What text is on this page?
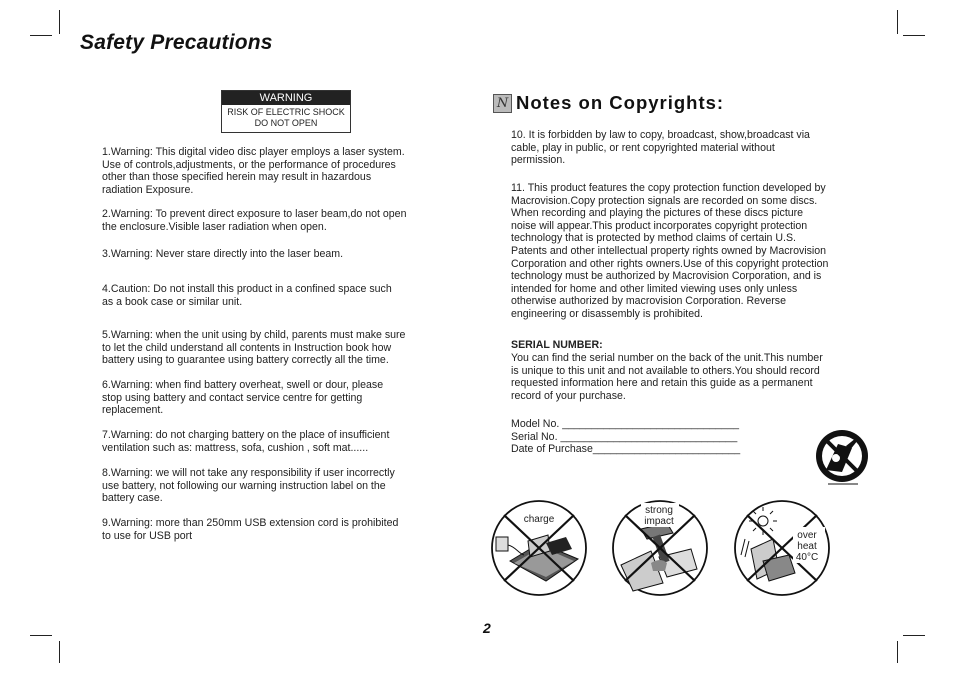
Safety Precautions
WARNING
RISK OF ELECTRIC SHOCK
DO NOT OPEN
1.Warning: This digital video disc player employs a laser system.
Use of controls,adjustments, or the performance of procedures
other than those specified herein may result in hazardous
radiation Exposure.
2.Warning: To prevent direct exposure to laser beam,do not open
the enclosure.Visible laser radiation when open.
3.Warning: Never stare directly into the laser beam.
4.Caution: Do not install this product in a confined space such
as a book case or similar unit.
5.Warning: when the unit using by child, parents must make sure
to let the child understand all contents in Instruction book how
battery using to guarantee using battery correctly all the time.
6.Warning: when find battery overheat, swell or dour, please
stop using battery and contact service centre for getting
replacement.
7.Warning: do not charging battery on the place of insufficient
ventilation such as: mattress, sofa, cushion , soft mat......
8.Warning: we will not take any responsibility if user incorrectly
use battery, not following our warning instruction label on the
battery case.
9.Warning: more than 250mm USB extension cord is prohibited
to use for USB port
N Notes on Copyrights:
10. It is forbidden by law to copy, broadcast, show,broadcast via
cable, play in public, or rent copyrighted material without
permission.
11. This product features the copy protection function developed by
Macrovision.Copy protection signals are recorded on some discs.
When recording and playing the pictures of these discs picture
noise will appear.This product incorporates copyright protection
technology that is protected by method claims of certain U.S.
Patents and other intellectual property rights owned by Macrovision
Corporation and other rights owners.Use of this copyright protection
technology must be authorized by Macrovision Corporation, and is
intended for home and other limited viewing uses only unless
otherwise authorized by macrovision Corporation. Reverse
engineering or disassembly is prohibited.
SERIAL NUMBER:
You can find the serial number on the back of the unit.This number
is unique to this unit and not available to others.You should record
requested information here and retain this guide as a permanent
record of your purchase.
Model No. ______________________________
Serial No. ______________________________
Date of Purchase_________________________
charge
strong
impact
over
heat
40°C
2
